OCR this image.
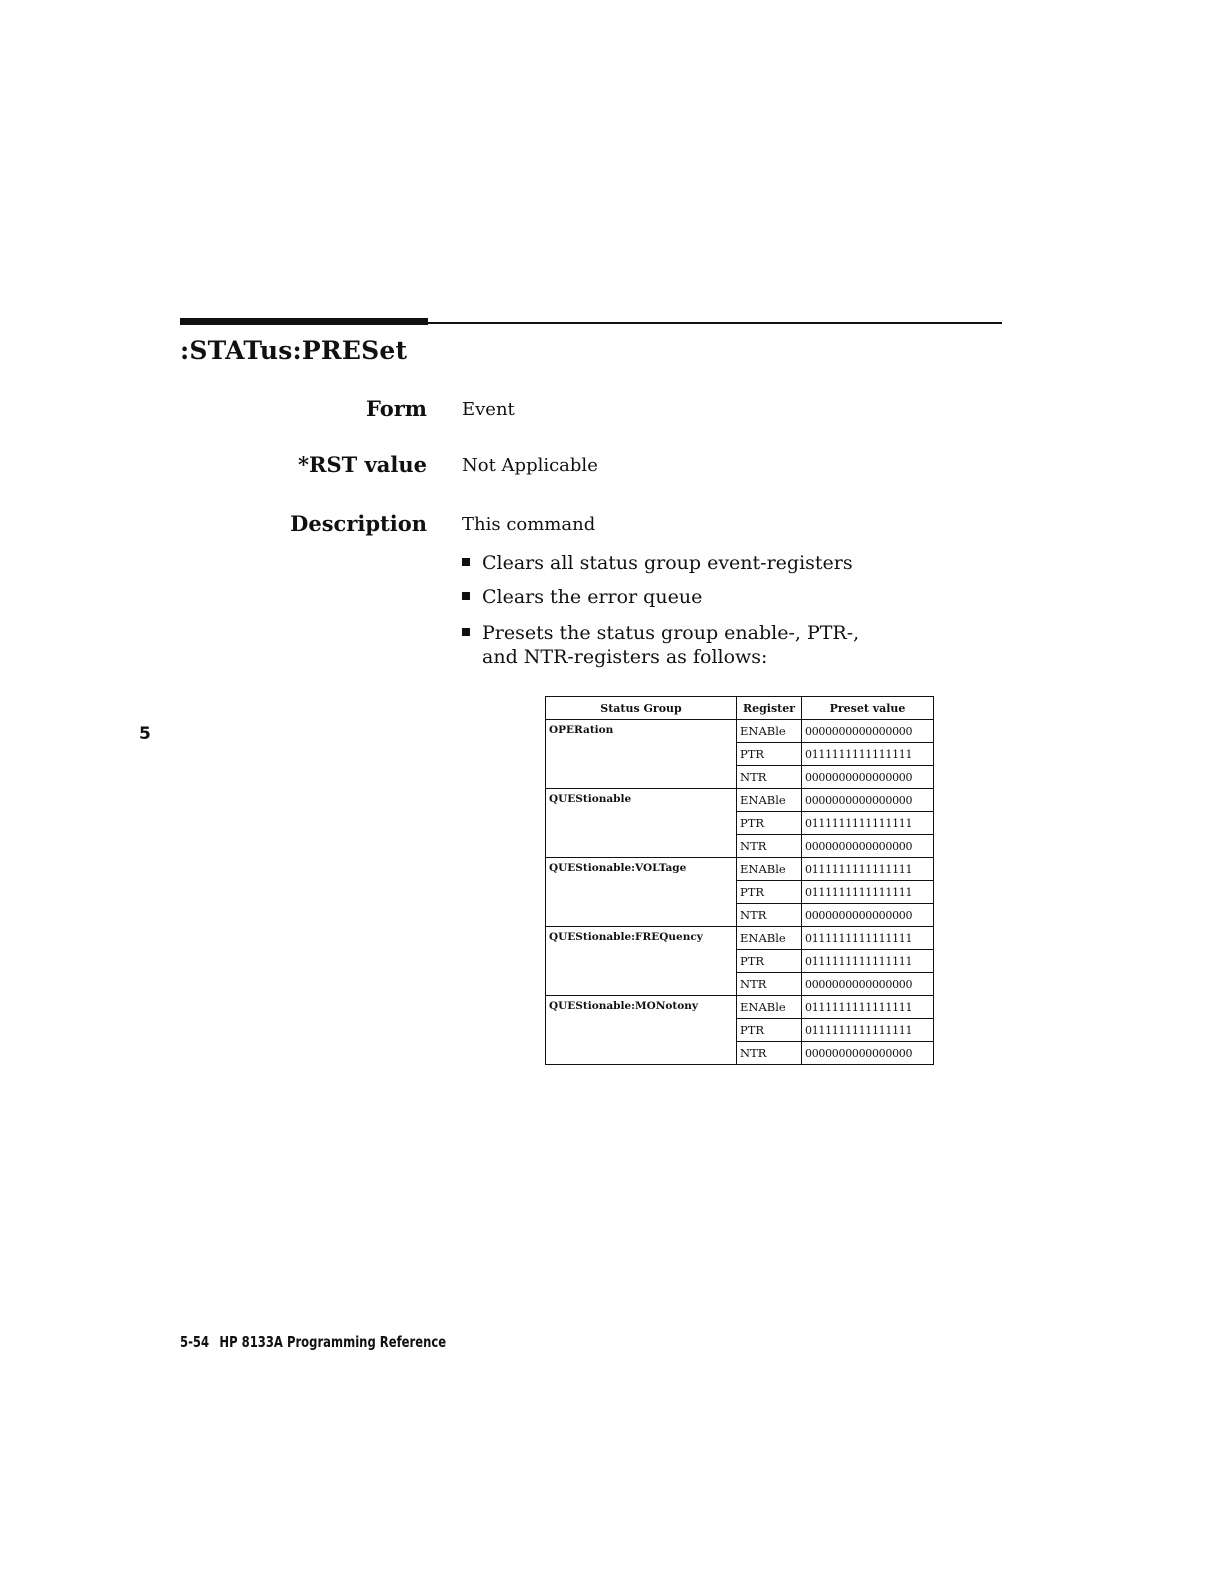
:STATus:PRESet
Form Event
*RST value Not Applicable
Description This command
Clears all status group event-registers
Clears the error queue
Presets the status group enable-, PTR-, and NTR-registers as follows:
5
Status Group	Register	Preset value
OPERation	ENABle	0000000000000000
	PTR	0111111111111111
	NTR	0000000000000000
QUEStionable	ENABle	0000000000000000
	PTR	0111111111111111
	NTR	0000000000000000
QUEStionable:VOLTage	ENABle	0111111111111111
	PTR	0111111111111111
	NTR	0000000000000000
QUEStionable:FREQuency	ENABle	0111111111111111
	PTR	0111111111111111
	NTR	0000000000000000
QUEStionable:MONotony	ENABle	0111111111111111
	PTR	0111111111111111
	NTR	0000000000000000
5-54 HP 8133A Programming Reference
